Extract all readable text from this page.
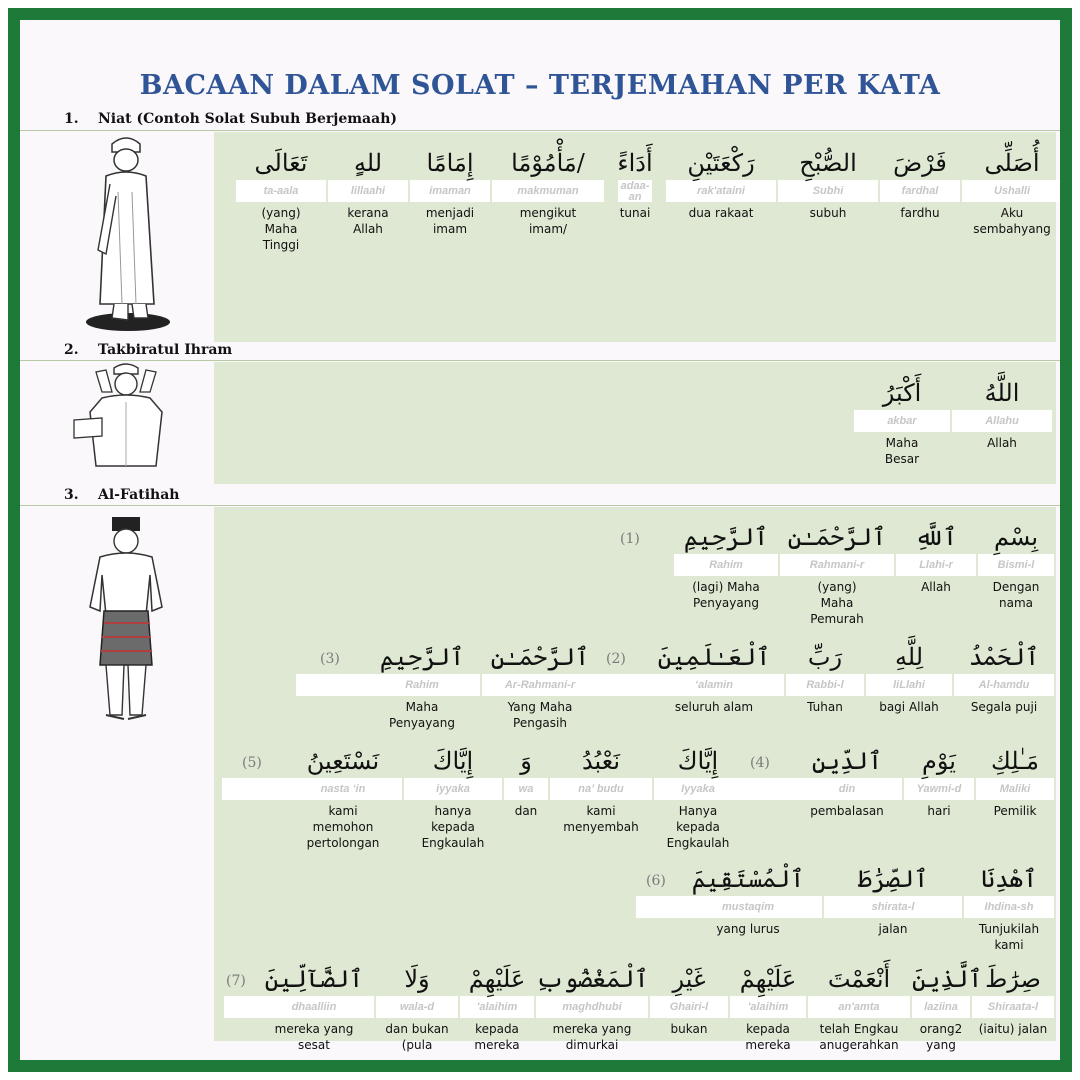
BACAAN DALAM SOLAT – TERJEMAHAN PER KATA
1. Niat (Contoh Solat Subuh Berjemaah)
2. Takbiratul Ihram
3. Al-Fatihah
أُصَلِّى
Ushalli
Aku sembahyang
فَرْضَ
fardhal
fardhu
الصُّبْحِ
Subhi
subuh
رَكْعَتَيْنِ
rak'ataini
dua rakaat
أَدَاءً
adaa-an
tunai
مَأْمُوْمًا/
makmuman
mengikut imam/
إِمَامًا
imaman
menjadi imam
ِللهِ
lillaahi
kerana Allah
تَعَالَى
ta-aala
(yang) Maha Tinggi
اللَّهُ
Allahu
Allah
أَكْبَرُ
akbar
Maha Besar
بِسْمِ
Bismi-l
Dengan nama
ٱللَّهِ
Llahi-r
Allah
ٱلرَّحْمَـٰنِ
Rahmani-r
(yang) Maha Pemurah
ٱلرَّحِيمِ
Rahim
(lagi) Maha Penyayang
(1)
ٱلْحَمْدُ
Al-hamdu
Segala puji
لِلَّهِ
liLlahi
bagi Allah
رَبِّ
Rabbi-l
Tuhan
ٱلْعَـٰلَمِينَ
‘alamin
seluruh alam
(2)
ٱلرَّحْمَـٰنِ
Ar-Rahmani-r
Yang Maha Pengasih
ٱلرَّحِيمِ
Rahim
Maha Penyayang
(3)
مَـٰلِكِ
Maliki
Pemilik
يَوْمِ
Yawmi-d
hari
ٱلدِّينِ
din
pembalasan
(4)
إِيَّاكَ
Iyyaka
Hanya kepada Engkaulah
نَعْبُدُ
na’ budu
kami menyembah
وَ
wa
dan
إِيَّاكَ
iyyaka
hanya kepada Engkaulah
نَسْتَعِينُ
nasta ‘in
kami memohon pertolongan
(5)
ٱهْدِنَا
Ihdina-sh
Tunjukilah kami
ٱلصِّرَٰطَ
shirata-l
jalan
ٱلْمُسْتَقِيمَ
mustaqim
yang lurus
(6)
صِرَٰطَ
Shiraata-l
(iaitu) jalan
ٱلَّذِينَ
laziina
orang2 yang
أَنْعَمْتَ
an'amta
telah Engkau anugerahkan
عَلَيْهِمْ
'alaihim
kepada mereka
غَيْرِ
Ghairi-l
bukan
ٱلْمَغْضُوبِ
maghdhubi
mereka yang dimurkai
عَلَيْهِمْ
'alaihim
kepada mereka
وَلَا
wala-d
dan bukan (pula
ٱلضَّآلِّينَ
dhaalliin
mereka yang sesat
(7)
